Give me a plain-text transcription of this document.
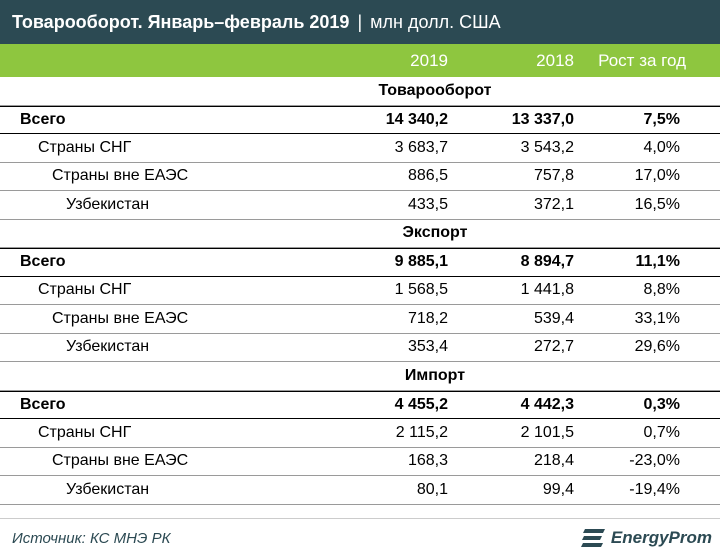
Товарооборот. Январь–февраль 2019 | млн долл. США
2019	2018	Рост за год
Товарооборот
Всего	14 340,2	13 337,0	7,5%
Страны СНГ	3 683,7	3 543,2	4,0%
Страны вне ЕАЭС	886,5	757,8	17,0%
Узбекистан	433,5	372,1	16,5%
Экспорт
Всего	9 885,1	8 894,7	11,1%
Страны СНГ	1 568,5	1 441,8	8,8%
Страны вне ЕАЭС	718,2	539,4	33,1%
Узбекистан	353,4	272,7	29,6%
Импорт
Всего	4 455,2	4 442,3	0,3%
Страны СНГ	2 115,2	2 101,5	0,7%
Страны вне ЕАЭС	168,3	218,4	-23,0%
Узбекистан	80,1	99,4	-19,4%
Источник: КС МНЭ РК	EnergyProm
